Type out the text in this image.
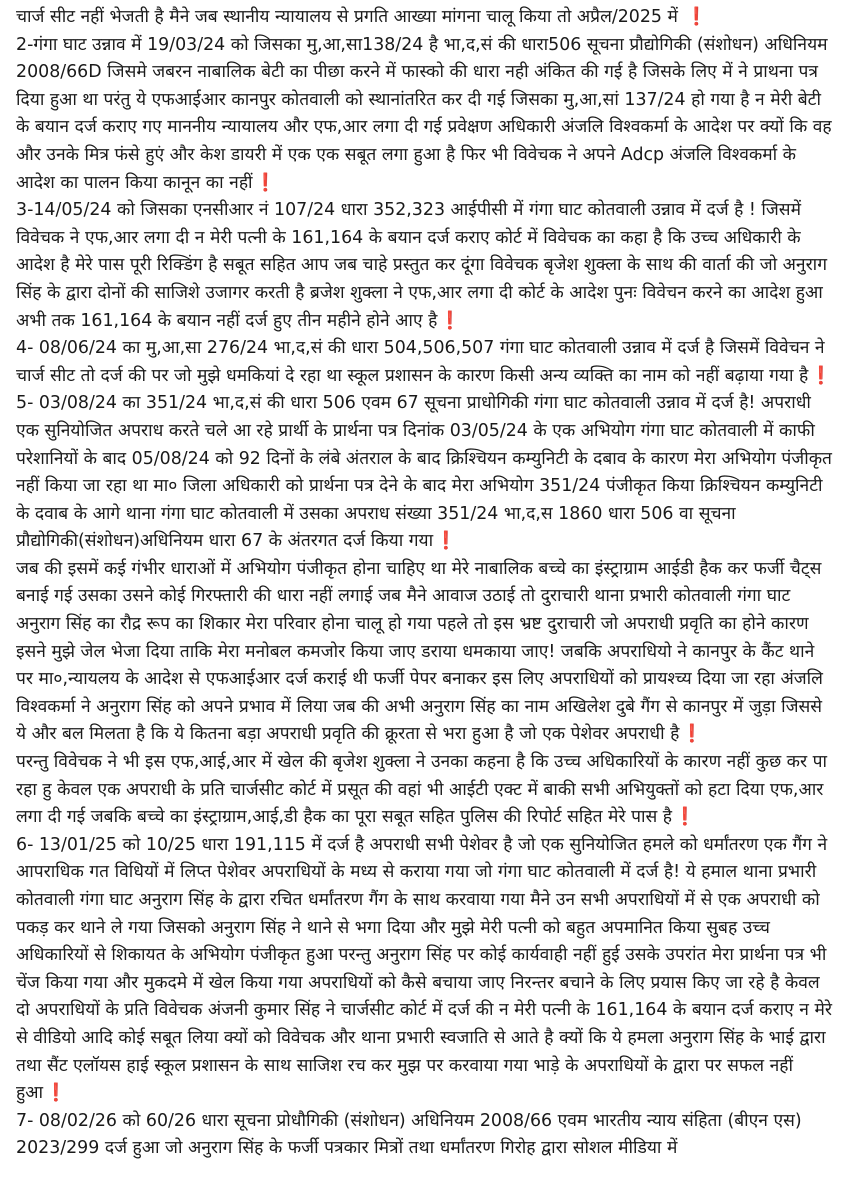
चार्ज सीट नहीं भेजती है मैने जब स्थानीय न्यायालय से प्रगति आख्या मांगना चालू किया तो अप्रैल/2025 में ❗

2-गंगा घाट उन्नाव में 19/03/24 को जिसका मु,आ,सा138/24 है भा,द,सं की धारा506 सूचना प्रौद्योगिकी (संशोधन) अधिनियम 2008/66D जिसमे जबरन नाबालिक बेटी का पीछा करने में फास्को की धारा नही अंकित की गई है जिसके लिए में ने प्राथना पत्र दिया हुआ था परंतु ये एफआईआर कानपुर कोतवाली को स्थानांतरित कर दी गई जिसका मु,आ,सां 137/24 हो गया है न मेरी बेटी के बयान दर्ज कराए गए माननीय न्यायालय और एफ,आर लगा दी गई प्रवेक्षण अधिकारी अंजलि विश्वकर्मा के आदेश पर क्यों कि वह और उनके मित्र फंसे हुएं और केश डायरी में एक एक सबूत लगा हुआ है फिर भी विवेचक ने अपने Adcp अंजलि विश्वकर्मा के आदेश का पालन किया कानून का नहीं ❗

3-14/05/24 को जिसका एनसीआर नं 107/24 धारा 352,323 आईपीसी में गंगा घाट कोतवाली उन्नाव में दर्ज है ! जिसमें विवेचक ने एफ,आर लगा दी न मेरी पत्नी के 161,164 के बयान दर्ज कराए कोर्ट में विवेचक का कहा है कि उच्च अधिकारी के आदेश है मेरे पास पूरी रिक्डिंग है सबूत सहित आप जब चाहे प्रस्तुत कर दूंगा विवेचक बृजेश शुक्ला के साथ की वार्ता की जो अनुराग सिंह के द्वारा दोनों की साजिशे उजागर करती है ब्रजेश शुक्ला ने एफ,आर लगा दी कोर्ट के आदेश पुनः विवेचन करने का आदेश हुआ अभी तक 161,164 के बयान नहीं दर्ज हुए तीन महीने होने आए है ❗

4- 08/06/24 का मु,आ,सा 276/24 भा,द,सं की धारा 504,506,507 गंगा घाट कोतवाली उन्नाव में दर्ज है जिसमें विवेचन ने चार्ज सीट तो दर्ज की पर जो मुझे धमकियां दे रहा था स्कूल प्रशासन के कारण किसी अन्य व्यक्ति का नाम को नहीं बढ़ाया गया है ❗

5- 03/08/24 का 351/24 भा,द,सं की धारा 506 एवम 67 सूचना प्राधोगिकी गंगा घाट कोतवाली उन्नाव में दर्ज है! अपराधी एक सुनियोजित अपराध करते चले आ रहे प्रार्थी के प्रार्थना पत्र दिनांक 03/05/24 के एक अभियोग गंगा घाट कोतवाली में काफी परेशानियों के बाद 05/08/24 को 92 दिनों के लंबे अंतराल के बाद क्रिश्चियन कम्युनिटी के दबाव के कारण मेरा अभियोग पंजीकृत नहीं किया जा रहा था मा० जिला अधिकारी को प्रार्थना पत्र देने के बाद मेरा अभियोग 351/24 पंजीकृत किया क्रिश्चियन कम्युनिटी के दवाब के आगे थाना गंगा घाट कोतवाली में उसका अपराध संख्या 351/24 भा,द,स 1860 धारा 506 वा सूचना प्रौद्योगिकी(संशोधन)अधिनियम धारा 67 के अंतरगत दर्ज किया गया ❗

जब की इसमें कई गंभीर धाराओं में अभियोग पंजीकृत होना चाहिए था मेरे नाबालिक बच्चे का इंस्ट्राग्राम आईडी हैक कर फर्जी चैट्स बनाई गई उसका उसने कोई गिरफ्तारी की धारा नहीं लगाई जब मैने आवाज उठाई तो दुराचारी थाना प्रभारी कोतवाली गंगा घाट अनुराग सिंह का रौद्र रूप का शिकार मेरा परिवार होना चालू हो गया पहले तो इस भ्रष्ट दुराचारी जो अपराधी प्रवृति का होने कारण इसने मुझे जेल भेजा दिया ताकि मेरा मनोबल कमजोर किया जाए डराया धमकाया जाए! जबकि अपराधियो ने कानपुर के कैंट थाने पर मा०,न्यायलय के आदेश से एफआईआर दर्ज कराई थी फर्जी पेपर बनाकर इस लिए अपराधियों को प्रायश्च्य दिया जा रहा अंजलि विश्वकर्मा ने अनुराग सिंह को अपने प्रभाव में लिया जब की अभी अनुराग सिंह का नाम अखिलेश दुबे गैंग से कानपुर में जुड़ा जिससे ये और बल मिलता है कि ये कितना बड़ा अपराधी प्रवृति की क्रूरता से भरा हुआ है जो एक पेशेवर अपराधी है ❗

परन्तु विवेचक ने भी इस एफ,आई,आर में खेल की बृजेश शुक्ला ने उनका कहना है कि उच्च अधिकारियों के कारण नहीं कुछ कर पा रहा हु केवल एक अपराधी के प्रति चार्जसीट कोर्ट में प्रसूत की वहां भी आईटी एक्ट में बाकी सभी अभियुक्तों को हटा दिया एफ,आर लगा दी गई जबकि बच्चे का इंस्ट्राग्राम,आई,डी हैक का पूरा सबूत सहित पुलिस की रिपोर्ट सहित मेरे पास है ❗

6- 13/01/25 को 10/25 धारा 191,115 में दर्ज है अपराधी सभी पेशेवर है जो एक सुनियोजित हमले को धर्मांतरण एक गैंग ने आपराधिक गत विधियों में लिप्त पेशेवर अपराधियों के मध्य से कराया गया जो गंगा घाट कोतवाली में दर्ज है! ये हमाल थाना प्रभारी कोतवाली गंगा घाट अनुराग सिंह के द्वारा रचित धर्मांतरण गैंग के साथ करवाया गया मैने उन सभी अपराधियों में से एक अपराधी को पकड़ कर थाने ले गया जिसको अनुराग सिंह ने थाने से भगा दिया और मुझे मेरी पत्नी को बहुत अपमानित किया सुबह उच्च अधिकारियों से शिकायत के अभियोग पंजीकृत हुआ परन्तु अनुराग सिंह पर कोई कार्यवाही नहीं हुई उसके उपरांत मेरा प्रार्थना पत्र भी चेंज किया गया और मुकदमे में खेल किया गया अपराधियों को कैसे बचाया जाए निरन्तर बचाने के लिए प्रयास किए जा रहे है केवल दो अपराधियों के प्रति विवेचक अंजनी कुमार सिंह ने चार्जसीट कोर्ट में दर्ज की न मेरी पत्नी के 161,164 के बयान दर्ज कराए न मेरे से वीडियो आदि कोई सबूत लिया क्यों को विवेचक और थाना प्रभारी स्वजाति से आते है क्यों कि ये हमला अनुराग सिंह के भाई द्वारा तथा सैंट एलॉयस हाई स्कूल प्रशासन के साथ साजिश रच कर मुझ पर करवाया गया भाड़े के अपराधियों के द्वारा पर सफल नहीं हुआ ❗

7- 08/02/26 को 60/26 धारा सूचना प्रोधौगिकी (संशोधन) अधिनियम 2008/66 एवम भारतीय न्याय संहिता (बीएन एस) 2023/299 दर्ज हुआ जो अनुराग सिंह के फर्जी पत्रकार मित्रों तथा धर्मांतरण गिरोह द्वारा सोशल मीडिया में
